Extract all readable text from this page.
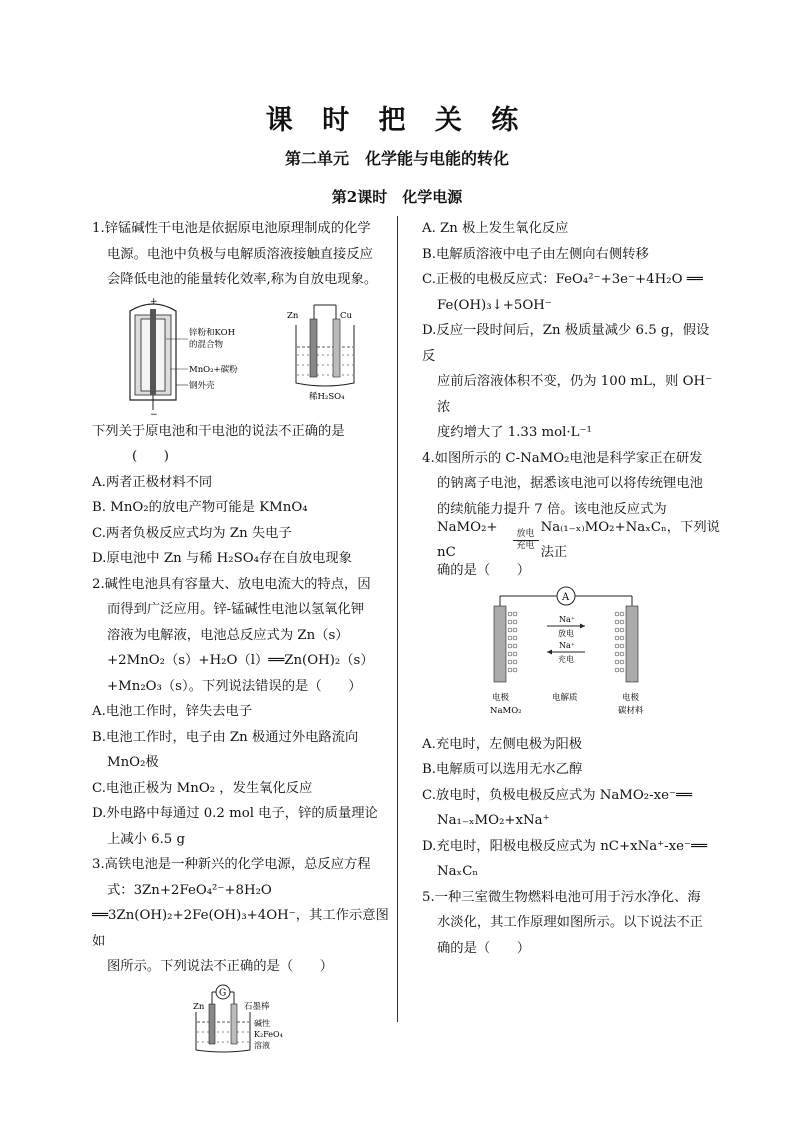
课 时 把 关 练
第二单元　化学能与电能的转化
第2课时　化学电源
1.锌锰碱性干电池是依据原电池原理制成的化学
电源。电池中负极与电解质溶液接触直接反应
会降低电池的能量转化效率,称为自放电现象。
+
−
锌粉和KOH
的混合物
MnO₂+碳粉
钢外壳
Zn	Cu
稀H₂SO₄
下列关于原电池和干电池的说法不正确的是
(　　)
A.两者正极材料不同
B. MnO₂的放电产物可能是 KMnO₄
C.两者负极反应式均为 Zn 失电子
D.原电池中 Zn 与稀 H₂SO₄存在自放电现象
2.碱性电池具有容量大、放电电流大的特点，因
而得到广泛应用。锌-锰碱性电池以氢氧化钾
溶液为电解液，电池总反应式为 Zn（s）
+2MnO₂（s）+H₂O（l）══Zn(OH)₂（s）
+Mn₂O₃（s）。下列说法错误的是（　　）
A.电池工作时，锌失去电子
B.电池工作时，电子由 Zn 极通过外电路流向
MnO₂极
C.电池正极为 MnO₂ ，发生氧化反应
D.外电路中每通过 0.2 mol 电子，锌的质量理论
上减小 6.5 g
3.高铁电池是一种新兴的化学电源，总反应方程
式：3Zn+2FeO₄²⁻+8H₂O
══3Zn(OH)₂+2Fe(OH)₃+4OH⁻，其工作示意图如
图所示。下列说法不正确的是（　　）
G
Zn	石墨棒
碱性
K₂FeO₄
溶液
A. Zn 极上发生氧化反应
B.电解质溶液中电子由左侧向右侧转移
C.正极的电极反应式：FeO₄²⁻+3e⁻+4H₂O ══
Fe(OH)₃↓+5OH⁻
D.反应一段时间后，Zn 极质量减少 6.5 g，假设反
应前后溶液体积不变，仍为 100 mL，则 OH⁻浓
度约增大了 1.33 mol·L⁻¹
4.如图所示的 C-NaMO₂电池是科学家正在研发
的钠离子电池，据悉该电池可以将传统锂电池
的续航能力提升 7 倍。该电池反应式为
NaMO₂+ nC
放电
充电
Na₍₁₋ₓ₎MO₂+NaₓCₙ，下列说法正
确的是（　　）
A
Na⁺
放电
Na⁺
充电
电极
NaMO₂
电解质	电极
碳材料
A.充电时，左侧电极为阳极
B.电解质可以选用无水乙醇
C.放电时，负极电极反应式为 NaMO₂-xe⁻══
Na₁₋ₓMO₂+xNa⁺
D.充电时，阳极电极反应式为 nC+xNa⁺-xe⁻══
NaₓCₙ
5.一种三室微生物燃料电池可用于污水净化、海
水淡化，其工作原理如图所示。以下说法不正
确的是（　　）
